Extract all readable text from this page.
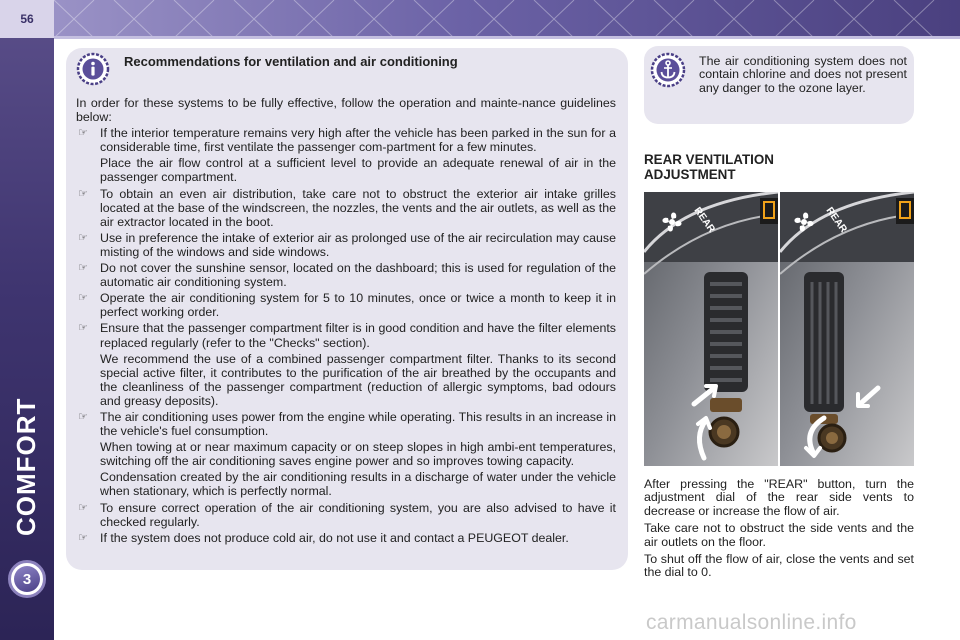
56
COMFORT
3
Recommendations for ventilation and air conditioning

In order for these systems to be fully effective, follow the operation and mainte-nance guidelines below:

☞ If the interior temperature remains very high after the vehicle has been parked in the sun for a considerable time, first ventilate the passenger com-partment for a few minutes.

Place the air flow control at a sufficient level to provide an adequate renewal of air in the passenger compartment.

☞ To obtain an even air distribution, take care not to obstruct the exterior air intake grilles located at the base of the windscreen, the nozzles, the vents and the air outlets, as well as the air extractor located in the boot.
☞ Use in preference the intake of exterior air as prolonged use of the air recirculation may cause misting of the windows and side windows.
☞ Do not cover the sunshine sensor, located on the dashboard; this is used for regulation of the automatic air conditioning system.
☞ Operate the air conditioning system for 5 to 10 minutes, once or twice a month to keep it in perfect working order.
☞ Ensure that the passenger compartment filter is in good condition and have the filter elements replaced regularly (refer to the "Checks" section).

We recommend the use of a combined passenger compartment filter. Thanks to its second special active filter, it contributes to the purification of the air breathed by the occupants and the cleanliness of the passenger compartment (reduction of allergic symptoms, bad odours and greasy deposits).

☞ The air conditioning uses power from the engine while operating. This results in an increase in the vehicle's fuel consumption.

When towing at or near maximum capacity or on steep slopes in high ambi-ent temperatures, switching off the air conditioning saves engine power and so improves towing capacity.

Condensation created by the air conditioning results in a discharge of water under the vehicle when stationary, which is perfectly normal.

☞ To ensure correct operation of the air conditioning system, you are also advised to have it checked regularly.
☞ If the system does not produce cold air, do not use it and contact a PEUGEOT dealer.
The air conditioning system does not contain chlorine and does not present any danger to the ozone layer.
REAR VENTILATION
ADJUSTMENT
REAR	REAR

After pressing the "REAR" button, turn the adjustment dial of the rear side vents to decrease or increase the flow of air.

Take care not to obstruct the side vents and the air outlets on the floor.

To shut off the flow of air, close the vents and set the dial to 0.

carmanualsonline.info
